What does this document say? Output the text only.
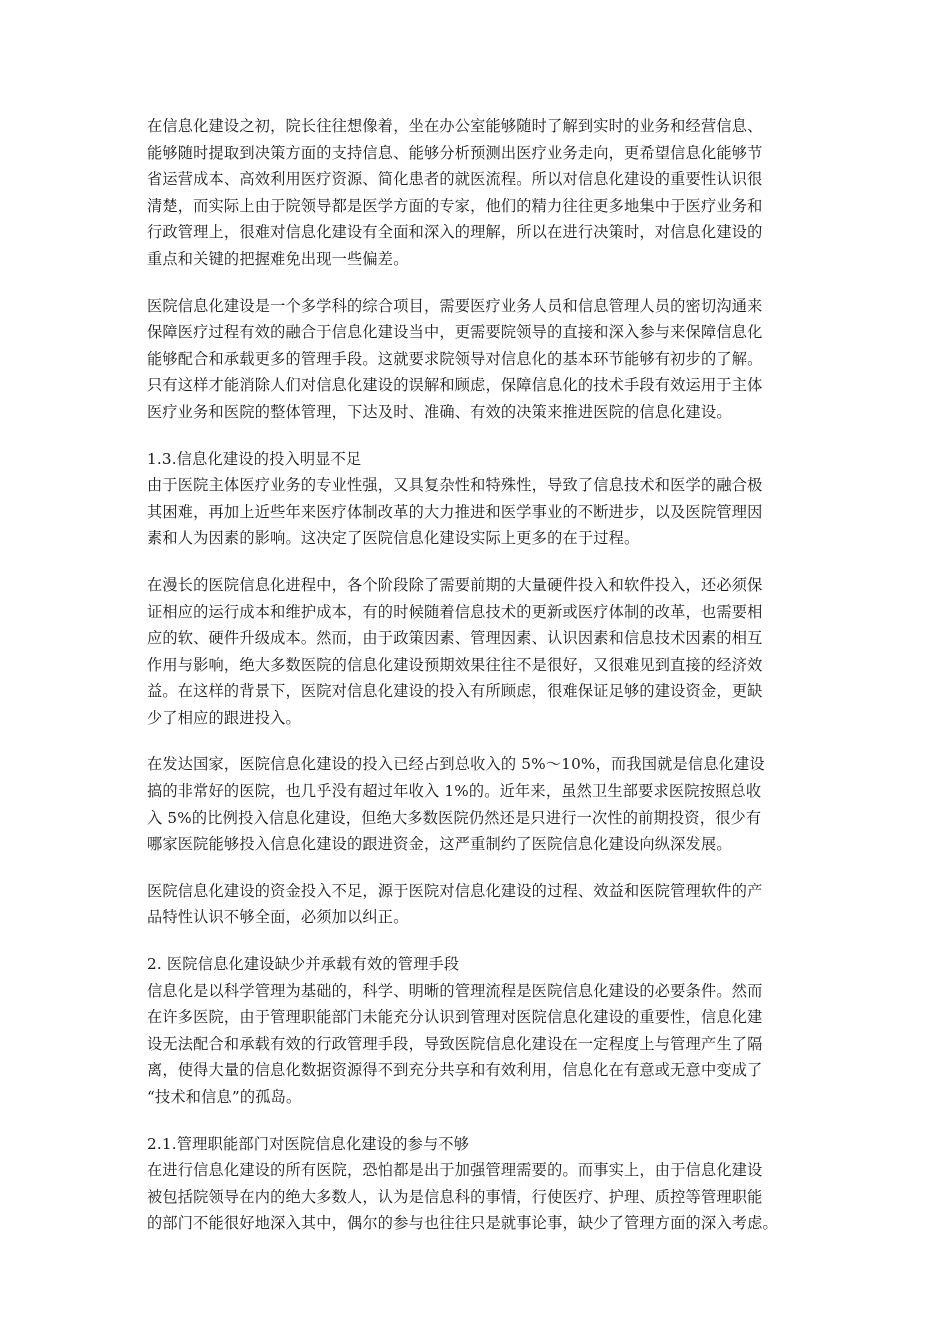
在信息化建设之初，院长往往想像着，坐在办公室能够随时了解到实时的业务和经营信息、
能够随时提取到决策方面的支持信息、能够分析预测出医疗业务走向，更希望信息化能够节
省运营成本、高效利用医疗资源、简化患者的就医流程。所以对信息化建设的重要性认识很
清楚，而实际上由于院领导都是医学方面的专家，他们的精力往往更多地集中于医疗业务和
行政管理上，很难对信息化建设有全面和深入的理解，所以在进行决策时，对信息化建设的
重点和关键的把握难免出现一些偏差。
医院信息化建设是一个多学科的综合项目，需要医疗业务人员和信息管理人员的密切沟通来
保障医疗过程有效的融合于信息化建设当中，更需要院领导的直接和深入参与来保障信息化
能够配合和承载更多的管理手段。这就要求院领导对信息化的基本环节能够有初步的了解。
只有这样才能消除人们对信息化建设的误解和顾虑，保障信息化的技术手段有效运用于主体
医疗业务和医院的整体管理，下达及时、准确、有效的决策来推进医院的信息化建设。
1.3.信息化建设的投入明显不足
由于医院主体医疗业务的专业性强，又具复杂性和特殊性，导致了信息技术和医学的融合极
其困难，再加上近些年来医疗体制改革的大力推进和医学事业的不断进步，以及医院管理因
素和人为因素的影响。这决定了医院信息化建设实际上更多的在于过程。
在漫长的医院信息化进程中，各个阶段除了需要前期的大量硬件投入和软件投入，还必须保
证相应的运行成本和维护成本，有的时候随着信息技术的更新或医疗体制的改革，也需要相
应的软、硬件升级成本。然而，由于政策因素、管理因素、认识因素和信息技术因素的相互
作用与影响，绝大多数医院的信息化建设预期效果往往不是很好，又很难见到直接的经济效
益。在这样的背景下，医院对信息化建设的投入有所顾虑，很难保证足够的建设资金，更缺
少了相应的跟进投入。
在发达国家，医院信息化建设的投入已经占到总收入的 5%～10%，而我国就是信息化建设
搞的非常好的医院，也几乎没有超过年收入 1%的。近年来，虽然卫生部要求医院按照总收
入 5%的比例投入信息化建设，但绝大多数医院仍然还是只进行一次性的前期投资，很少有
哪家医院能够投入信息化建设的跟进资金，这严重制约了医院信息化建设向纵深发展。
医院信息化建设的资金投入不足，源于医院对信息化建设的过程、效益和医院管理软件的产
品特性认识不够全面，必须加以纠正。
2. 医院信息化建设缺少并承载有效的管理手段
信息化是以科学管理为基础的，科学、明晰的管理流程是医院信息化建设的必要条件。然而
在许多医院，由于管理职能部门未能充分认识到管理对医院信息化建设的重要性，信息化建
设无法配合和承载有效的行政管理手段，导致医院信息化建设在一定程度上与管理产生了隔
离，使得大量的信息化数据资源得不到充分共享和有效利用，信息化在有意或无意中变成了
“技术和信息”的孤岛。
2.1.管理职能部门对医院信息化建设的参与不够
在进行信息化建设的所有医院，恐怕都是出于加强管理需要的。而事实上，由于信息化建设
被包括院领导在内的绝大多数人，认为是信息科的事情，行使医疗、护理、质控等管理职能
的部门不能很好地深入其中，偶尔的参与也往往只是就事论事，缺少了管理方面的深入考虑。
